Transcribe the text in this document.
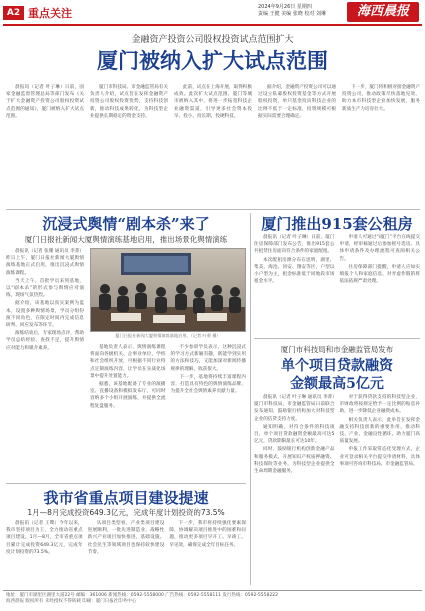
A2 重点关注	2024年9月26日 星期四
责编 王健 美编 张晓 校对 刘琳	海西晨报
金融资产投资公司股权投资试点范围扩大
厦门被纳入扩大试点范围

晨报讯（记者 叶子琳）日前，国家金融监督管理总局等部门发布《关于扩大金融资产投资公司股权投资试点范围的通知》，厦门被纳入扩大试点范围。

厦门市科技局、市金融监管局有关负责人介绍，试点旨在发挥金融资产投资公司股权投资优势，支持科技创新，推动科技成果转化，为科技型企业提供长期稳定的资金支持。

此前，试点在上海开展，取得积极成效。此次扩大试点范围，厦门等城市被纳入其中，将进一步拓宽科技企业融资渠道，引导更多社会资本投早、投小、投长期、投硬科技。

据介绍，金融资产投资公司可以通过设立私募股权投资基金等方式开展股权投资，单只基金投向科技企业的比例不低于一定标准，投资规模可根据实际需要合理确定。

下一步，厦门将积极对接金融资产投资公司，推动政策尽快落地见效，助力本市科技型企业加快发展，服务新质生产力培育壮大。

沉浸式舆情“剧本杀”来了
厦门日报社新闻大厦舆情演练基地启用，推出场景化舆情演练

晨报讯（记者 张珊 通讯员 李菁）昨日上午，厦门日报社新闻大厦舆情演练基地正式启用，推出沉浸式舆情演练课程。

当天上午，首批学员来到基地，以“剧本杀”的形式参与舆情应对演练，现场气氛热烈。

据介绍，该基地以真实案例为蓝本，设置多种舆情场景，学员分组扮演不同角色，在限定时间内完成信息研判、回应发布等环节。

演练结束后，专家现场点评，帮助学员总结经验、查找不足，提升舆情应对能力和媒介素养。

厦门日报社新闻大厦舆情演练基地启用。（记者 叶勇 摄）

基地负责人表示，舆情演练课程将面向各级机关、企事业单位、学校和社会组织开放，可根据不同行业特点定制演练内容，让学员在实战化场景中提升处置能力。

据悉，该基地配备了专业的演播室、直播设备和模拟发布厅，可同时容纳多个小组开展演练，并提供全流程复盘服务。

不少参训学员表示，这种沉浸式的学习方式新颖有趣，既能学到实用的方法和技巧，又能加深对新闻传播规律的理解，收获很大。

下一步，基地将持续丰富课程内容，打造具有特色的舆情演练品牌，为提升全社会舆情素养贡献力量。

厦门推出915套公租房

晨报讯（记者 叶子琳）日前，厦门住房保障部门发布公告，推出915套公共租赁住房面向符合条件的家庭配租。

本次配租房源分布在思明、湖里、集美、海沧、同安、翔安等区，户型以小户型为主，租金标准低于同地段市场租金水平。

申请人可通过“i厦门”平台在线提交申请，经审核通过后参加摇号选房。具体申请条件及办理流程可查阅相关公告。

住房保障部门提醒，申请人应如实填报个人和家庭信息，对弄虚作假的将依法依规严肃处理。

厦门市科技局和市金融监管局发布
单个项目贷款融资
金额最高5亿元

晨报讯（记者 叶子琳 通讯员 李菁）厦门市科技局、市金融监管局日前联合发布通知，鼓励银行机构加大对科技型企业的信贷支持力度。

通知明确，对符合条件的科技项目，单个项目贷款融资金额最高可达5亿元，贷款期限最长可达10年。

同时，鼓励银行机构创新金融产品和服务模式，开展知识产权质押融资、科技保险等业务，为科技型企业提供全生命周期金融服务。

对于获得贷款支持的科技型企业，市财政将按规定给予一定比例的贴息补助，进一步降低企业融资成本。

相关负责人表示，此举旨在发挥金融支持科技创新的重要作用，推动科技、产业、金融良性循环，助力厦门高质量发展。

申报工作采取常态化受理方式，企业可登录相关平台提交申请材料，具体事项可咨询市科技局、市金融监管局。

我市省重点项目建设提速
1月—8月完成投资649.3亿元，完成年度计划投资的73.5%

晨报讯（记者 王鹭）今年以来，我市坚持项目为王，全力推动省重点项目建设。1月—8月，全市省重点项目累计完成投资649.3亿元，完成年度计划投资的73.5%。

从项目类型看，产业类项目建设进展顺利，一批先进制造业、战略性新兴产业项目加快推进，基础设施、社会民生等领域项目也保持较快建设节奏。

下一步，我市将持续强化要素保障，协调解决项目推进中的困难和问题，推动更多项目早开工、早竣工、早见效，确保完成全年目标任务。

地址：厦门市湖里区湖里大道22号 邮编：361006 新闻热线：0592-5558000 广告热线：0592-5558111 发行热线：0592-5558222
海西晨报 版权所有 未经授权不得转载 印刷：厦门日报社印务中心
